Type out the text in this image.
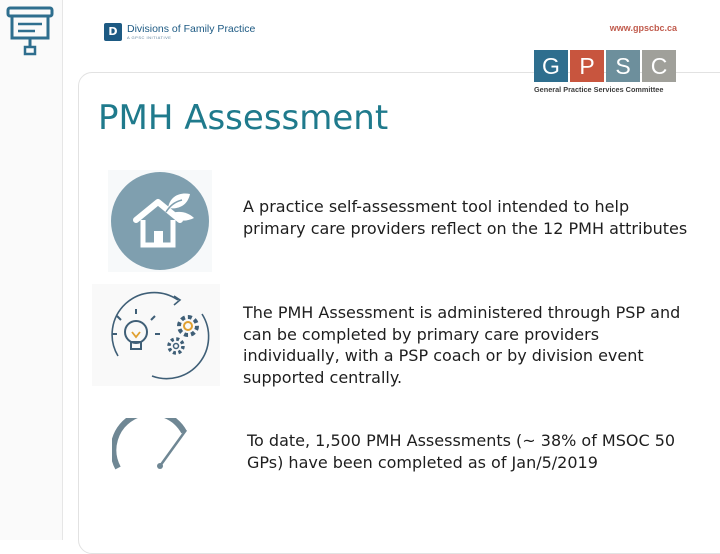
D Divisions of Family Practice
A GPSC INITIATIVE
www.gpscbc.ca
G P S C
General Practice Services Committee
PMH Assessment
A practice self-assessment tool intended to help primary care providers reflect on the 12 PMH attributes
The PMH Assessment is administered through PSP and can be completed by primary care providers individually, with a PSP coach or by division event supported centrally.
To date, 1,500 PMH Assessments (~ 38% of MSOC 50 GPs) have been completed as of Jan/5/2019
